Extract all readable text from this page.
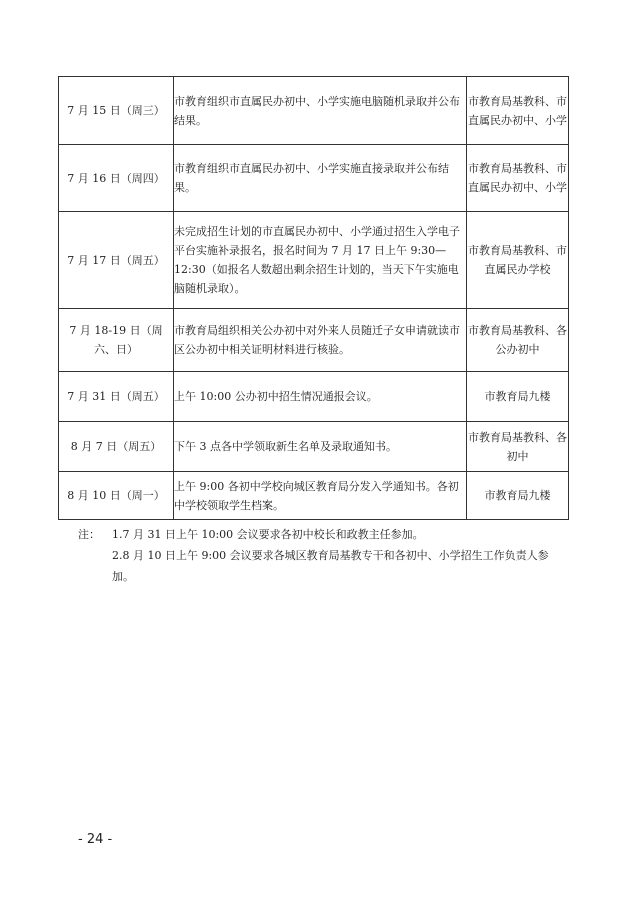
7 月 15 日（周三）	市教育组织市直属民办初中、小学实施电脑随机录取并公布结果。	市教育局基教科、市直属民办初中、小学
7 月 16 日（周四）	市教育组织市直属民办初中、小学实施直接录取并公布结果。	市教育局基教科、市直属民办初中、小学
7 月 17 日（周五）	未完成招生计划的市直属民办初中、小学通过招生入学电子平台实施补录报名，报名时间为 7 月 17 日上午 9:30—12:30（如报名人数超出剩余招生计划的，当天下午实施电脑随机录取）。	市教育局基教科、市直属民办学校
7 月 18-19 日（周六、日）	市教育局组织相关公办初中对外来人员随迁子女申请就读市区公办初中相关证明材料进行核验。	市教育局基教科、各公办初中
7 月 31 日（周五）	上午 10:00 公办初中招生情况通报会议。	市教育局九楼
8 月 7 日（周五）	下午 3 点各中学领取新生名单及录取通知书。	市教育局基教科、各初中
8 月 10 日（周一）	上午 9:00 各初中学校向城区教育局分发入学通知书。各初中学校领取学生档案。	市教育局九楼
注：	1.7 月 31 日上午 10:00 会议要求各初中校长和政教主任参加。
2.8 月 10 日上午 9:00 会议要求各城区教育局基教专干和各初中、小学招生工作负责人参加。
- 24 -
